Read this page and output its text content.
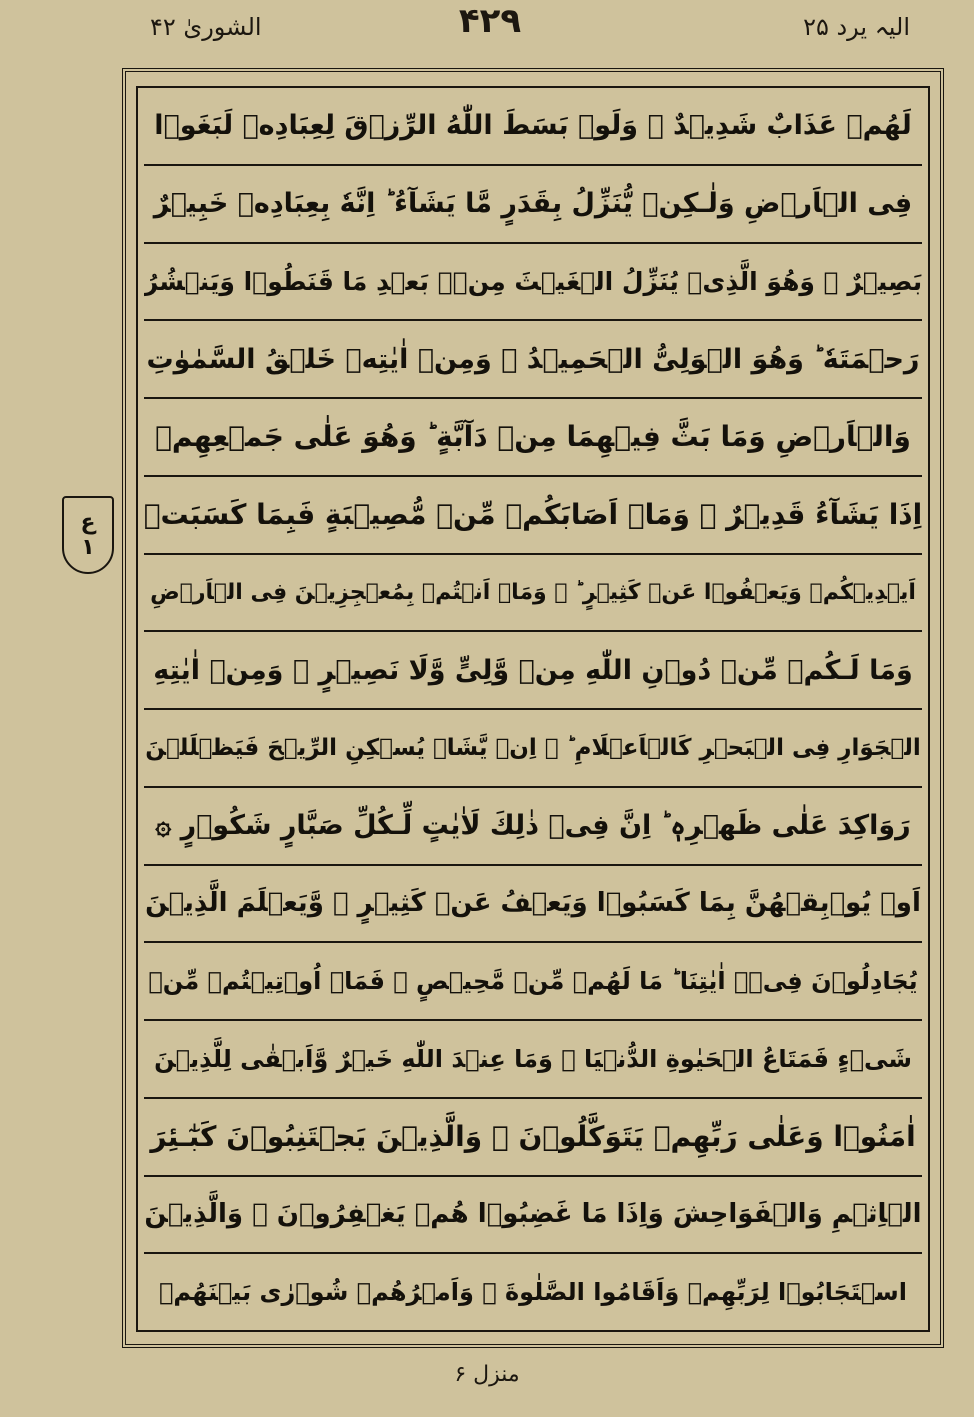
الیہ یرد ۲۵
۴۲۹
الشوریٰ ۴۲
ع
۱
لَهُمۡ عَذَابٌ شَدِيۡدٌ ۞ وَلَوۡ بَسَطَ اللّٰهُ الرِّزۡقَ لِعِبَادِهٖ لَبَغَوۡا
فِى الۡاَرۡضِ وَلٰـكِنۡ يُّنَزِّلُ بِقَدَرٍ مَّا يَشَآءُ ؕ اِنَّهٗ بِعِبَادِهٖ خَبِيۡرٌ
بَصِيۡرٌ ۞ وَهُوَ الَّذِىۡ يُنَزِّلُ الۡغَيۡثَ مِنۡۢ بَعۡدِ مَا قَنَطُوۡا وَيَنۡشُرُ
رَحۡمَتَهٗ ؕ وَهُوَ الۡوَلِىُّ الۡحَمِيۡدُ ۞ وَمِنۡ اٰيٰتِهٖ خَلۡقُ السَّمٰوٰتِ
وَالۡاَرۡضِ وَمَا بَثَّ فِيۡهِمَا مِنۡ دَآبَّةٍ ؕ وَهُوَ عَلٰى جَمۡعِهِمۡ
اِذَا يَشَآءُ قَدِيۡرٌ ۞ وَمَاۤ اَصَابَكُمۡ مِّنۡ مُّصِيۡبَةٍ فَبِمَا كَسَبَتۡ
اَيۡدِيۡكُمۡ وَيَعۡفُوۡا عَنۡ كَثِيۡرٍ ؕ ۞ وَمَاۤ اَنۡتُمۡ بِمُعۡجِزِيۡنَ فِى الۡاَرۡضِ
وَمَا لَـكُمۡ مِّنۡ دُوۡنِ اللّٰهِ مِنۡ وَّلِىٍّ وَّلَا نَصِيۡرٍ ۞ وَمِنۡ اٰيٰتِهِ
الۡجَوَارِ فِى الۡبَحۡرِ كَالۡاَعۡلَامِ ؕ ۞ اِنۡ يَّشَاۡ يُسۡكِنِ الرِّيۡحَ فَيَظۡلَلۡنَ
رَوَاكِدَ عَلٰى ظَهۡرِهٖ ؕ اِنَّ فِىۡ ذٰلِكَ لَاٰيٰتٍ لِّـكُلِّ صَبَّارٍ شَكُوۡرٍ ۞
اَوۡ يُوۡبِقۡهُنَّ بِمَا كَسَبُوۡا وَيَعۡفُ عَنۡ كَثِيۡرٍ ۞ وَّيَعۡلَمَ الَّذِيۡنَ
يُجَادِلُوۡنَ فِىۡۤ اٰيٰتِنَا ؕ مَا لَهُمۡ مِّنۡ مَّحِيۡصٍ ۞ فَمَاۤ اُوۡتِيۡتُمۡ مِّنۡ
شَىۡءٍ فَمَتَاعُ الۡحَيٰوةِ الدُّنۡيَا ۚ وَمَا عِنۡدَ اللّٰهِ خَيۡرٌ وَّاَبۡقٰى لِلَّذِيۡنَ
اٰمَنُوۡا وَعَلٰى رَبِّهِمۡ يَتَوَكَّلُوۡنَ ۞ وَالَّذِيۡنَ يَجۡتَنِبُوۡنَ كَبٰٓـئِرَ
الۡاِثۡمِ وَالۡفَوَاحِشَ وَاِذَا مَا غَضِبُوۡا هُمۡ يَغۡفِرُوۡنَ ۞ وَالَّذِيۡنَ
اسۡتَجَابُوۡا لِرَبِّهِمۡ وَاَقَامُوا الصَّلٰوةَ ۖ وَاَمۡرُهُمۡ شُوۡرٰى بَيۡنَهُمۡ
منزل ۶
